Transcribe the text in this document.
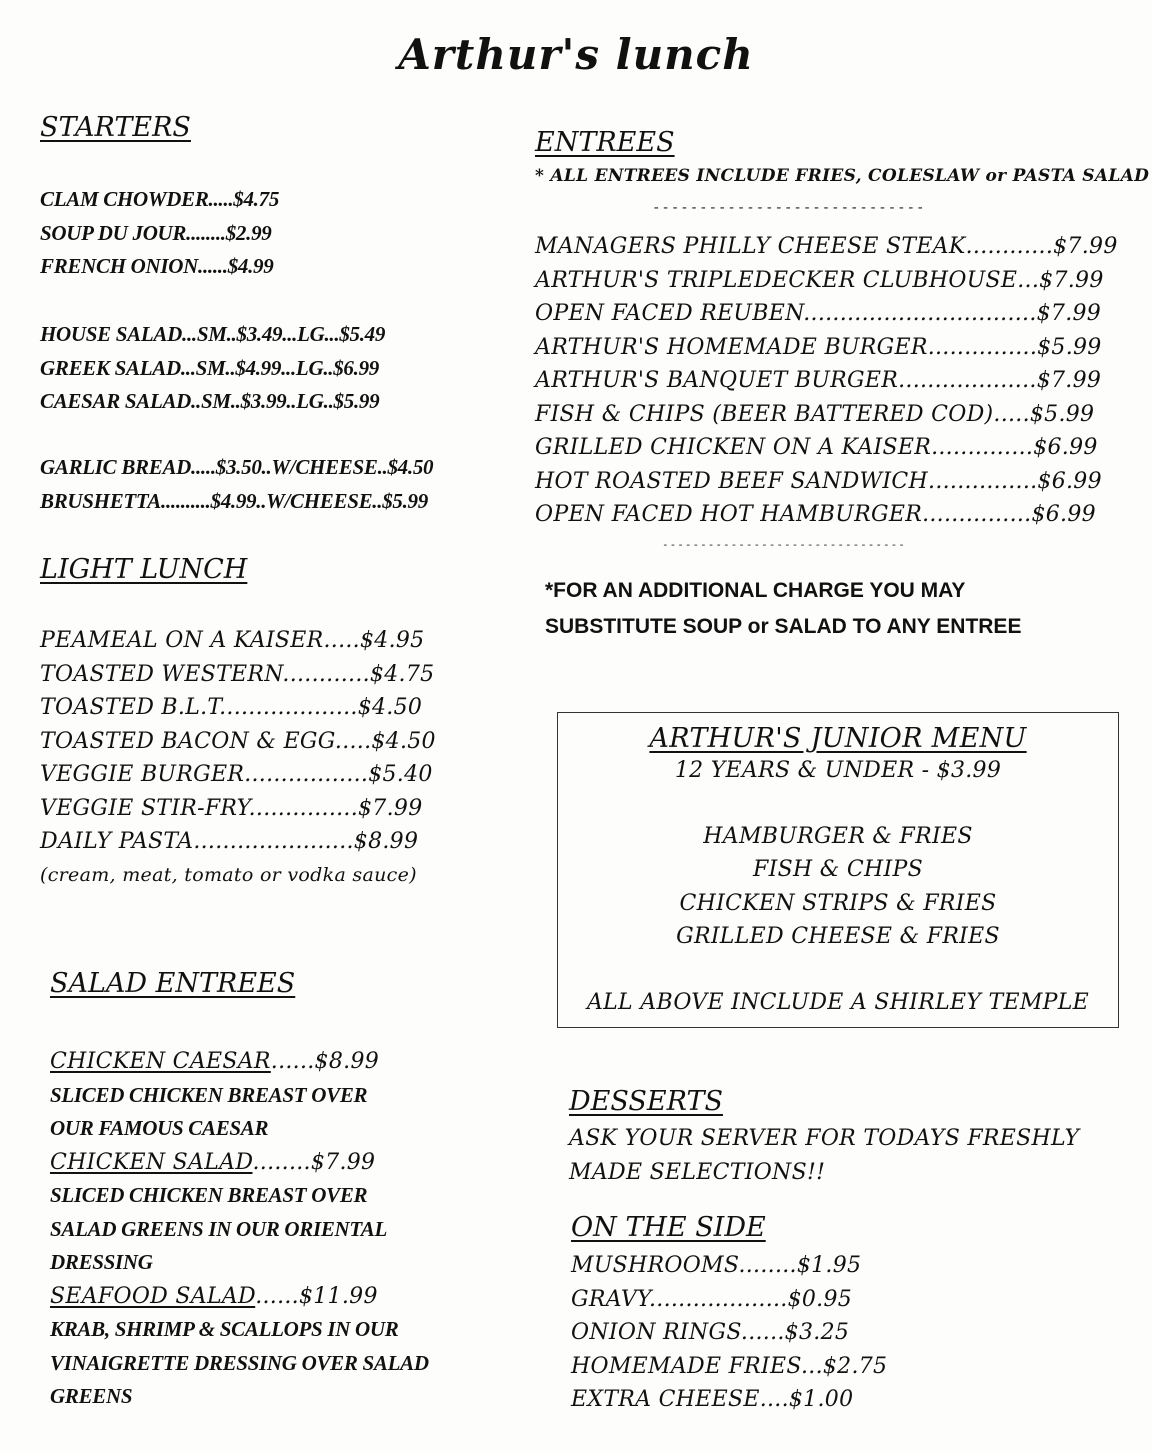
Arthur's lunch
STARTERS
CLAM CHOWDER.....$4.75
SOUP DU JOUR........$2.99
FRENCH ONION......$4.99
HOUSE SALAD...SM..$3.49...LG...$5.49
GREEK SALAD...SM..$4.99...LG..$6.99
CAESAR SALAD..SM..$3.99..LG..$5.99
GARLIC BREAD.....$3.50..W/CHEESE..$4.50
BRUSHETTA..........$4.99..W/CHEESE..$5.99
LIGHT LUNCH
PEAMEAL ON A KAISER.....$4.95
TOASTED WESTERN............$4.75
TOASTED B.L.T...................$4.50
TOASTED BACON & EGG.....$4.50
VEGGIE BURGER.................$5.40
VEGGIE STIR-FRY...............$7.99
DAILY PASTA......................$8.99
(cream, meat, tomato or vodka sauce)
SALAD ENTREES
CHICKEN CAESAR......$8.99
SLICED CHICKEN BREAST OVER
OUR FAMOUS CAESAR
CHICKEN SALAD........$7.99
SLICED CHICKEN BREAST OVER
SALAD GREENS IN OUR ORIENTAL
DRESSING
SEAFOOD SALAD......$11.99
KRAB, SHRIMP & SCALLOPS IN OUR
VINAIGRETTE DRESSING OVER SALAD
GREENS
ENTREES
* ALL ENTREES INCLUDE FRIES, COLESLAW or PASTA SALAD
-----------------------------
MANAGERS PHILLY CHEESE STEAK............$7.99
ARTHUR'S TRIPLEDECKER CLUBHOUSE...$7.99
OPEN FACED REUBEN................................$7.99
ARTHUR'S HOMEMADE BURGER...............$5.99
ARTHUR'S BANQUET BURGER...................$7.99
FISH & CHIPS (BEER BATTERED COD).....$5.99
GRILLED CHICKEN ON A KAISER..............$6.99
HOT ROASTED BEEF SANDWICH...............$6.99
OPEN FACED HOT HAMBURGER...............$6.99
--------------------------------
*FOR AN ADDITIONAL CHARGE YOU MAY
SUBSTITUTE SOUP or SALAD TO ANY ENTREE
ARTHUR'S JUNIOR MENU
12 YEARS & UNDER - $3.99
HAMBURGER & FRIES
FISH & CHIPS
CHICKEN STRIPS & FRIES
GRILLED CHEESE & FRIES
ALL ABOVE INCLUDE A SHIRLEY TEMPLE
DESSERTS
ASK YOUR SERVER FOR TODAYS FRESHLY
MADE SELECTIONS!!
ON THE SIDE
MUSHROOMS........$1.95
GRAVY...................$0.95
ONION RINGS......$3.25
HOMEMADE FRIES...$2.75
EXTRA CHEESE....$1.00
